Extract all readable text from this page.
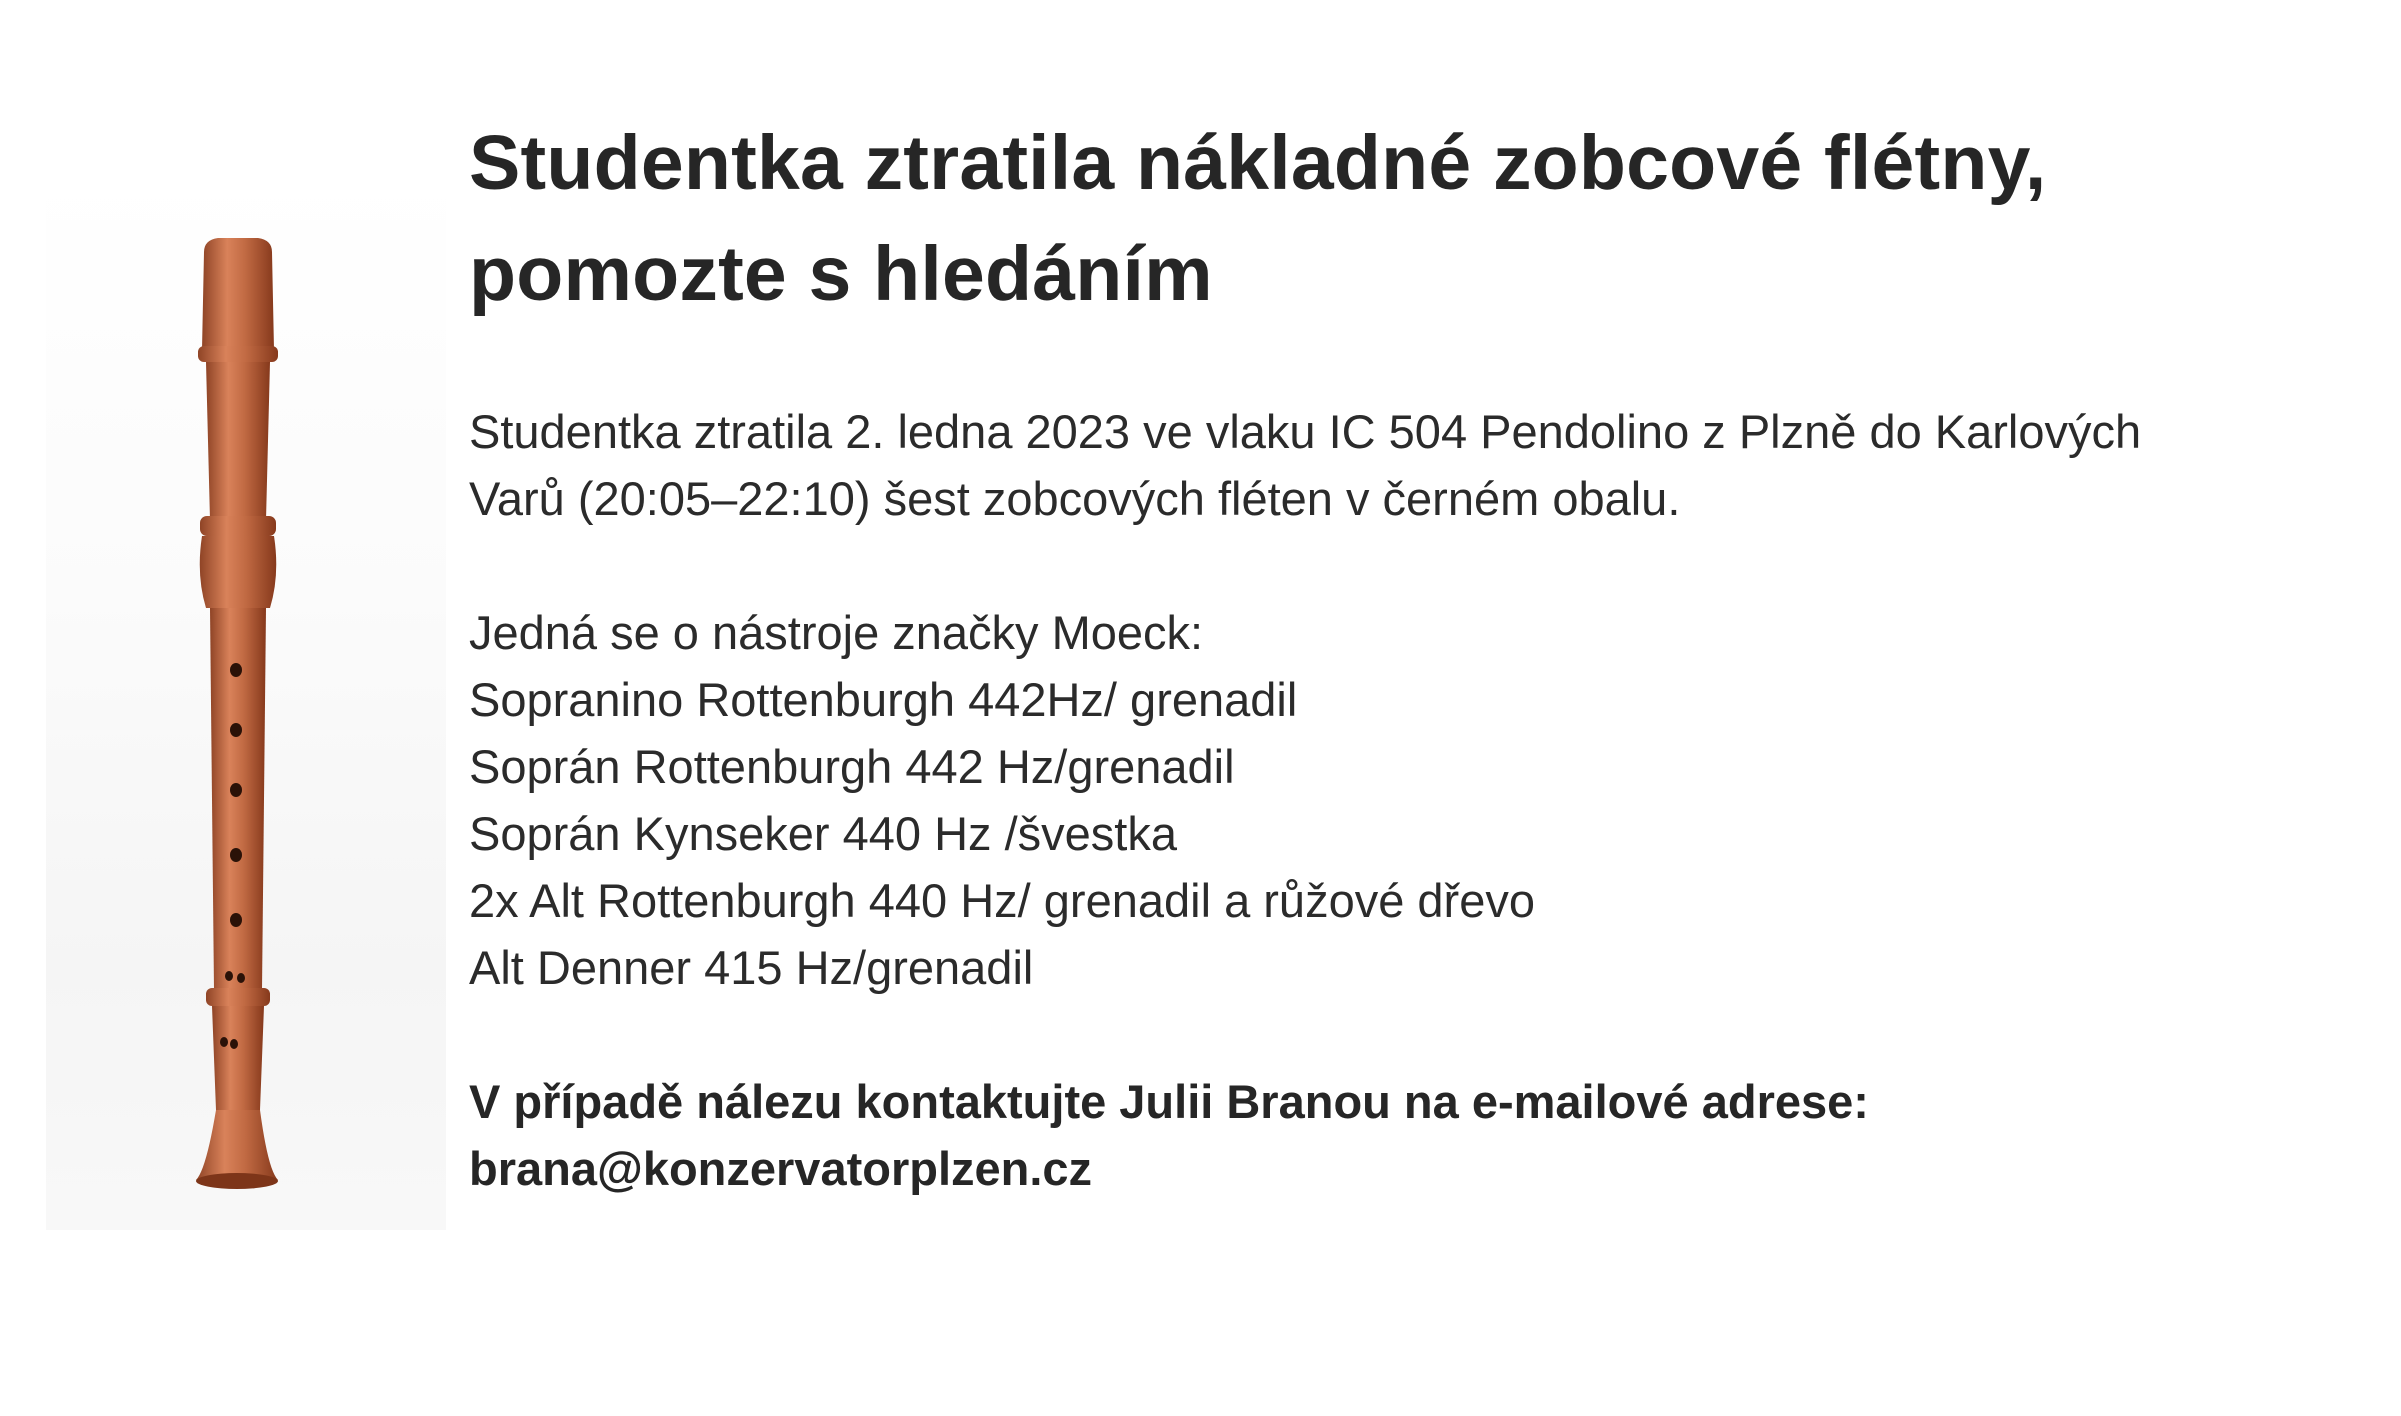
Studentka ztratila nákladné zobcové flétny,
pomozte s hledáním
Studentka ztratila 2. ledna 2023 ve vlaku IC 504 Pendolino z Plzně do Karlových
Varů (20:05–22:10) šest zobcových fléten v černém obalu.
Jedná se o nástroje značky Moeck:
Sopranino Rottenburgh 442Hz/ grenadil
Soprán Rottenburgh 442 Hz/grenadil
Soprán Kynseker 440 Hz /švestka
2x Alt Rottenburgh 440 Hz/ grenadil a růžové dřevo
Alt Denner 415 Hz/grenadil
V případě nálezu kontaktujte Julii Branou na e-mailové adrese:
brana@konzervatorplzen.cz
